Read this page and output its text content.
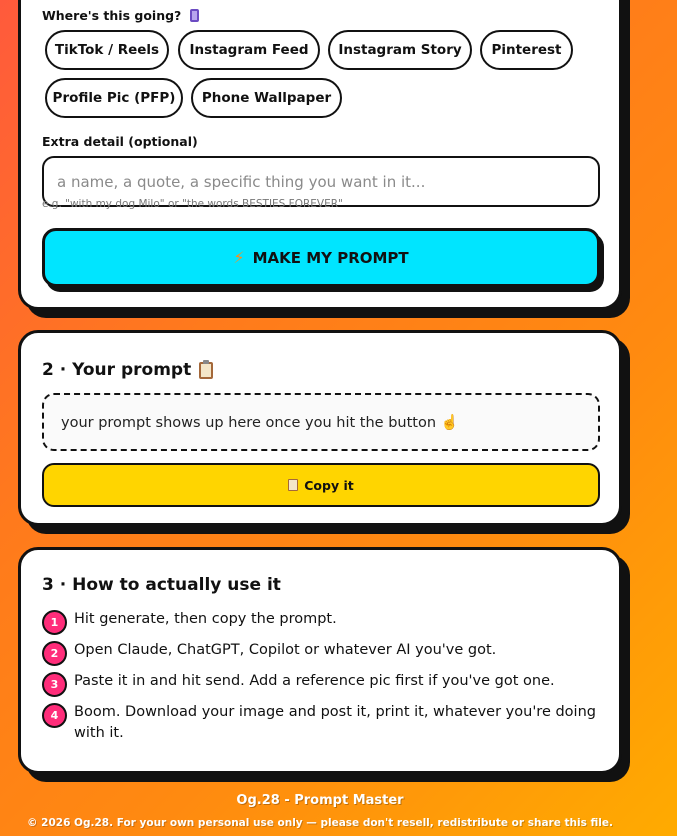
Where's this going?
TikTok / Reels	Instagram Feed	Instagram Story	Pinterest
Profile Pic (PFP)	Phone Wallpaper
Extra detail (optional)
a name, a quote, a specific thing you want in it...
e.g. "with my dog Milo" or "the words BESTIES FOREVER"
⚡ MAKE MY PROMPT
2 · Your prompt
your prompt shows up here once you hit the button ☝️
Copy it
3 · How to actually use it
1	Hit generate, then copy the prompt.
2	Open Claude, ChatGPT, Copilot or whatever AI you've got.
3	Paste it in and hit send. Add a reference pic first if you've got one.
4	Boom. Download your image and post it, print it, whatever you're doing with it.
Og.28 - Prompt Master
© 2026 Og.28. For your own personal use only — please don't resell, redistribute or share this file.
